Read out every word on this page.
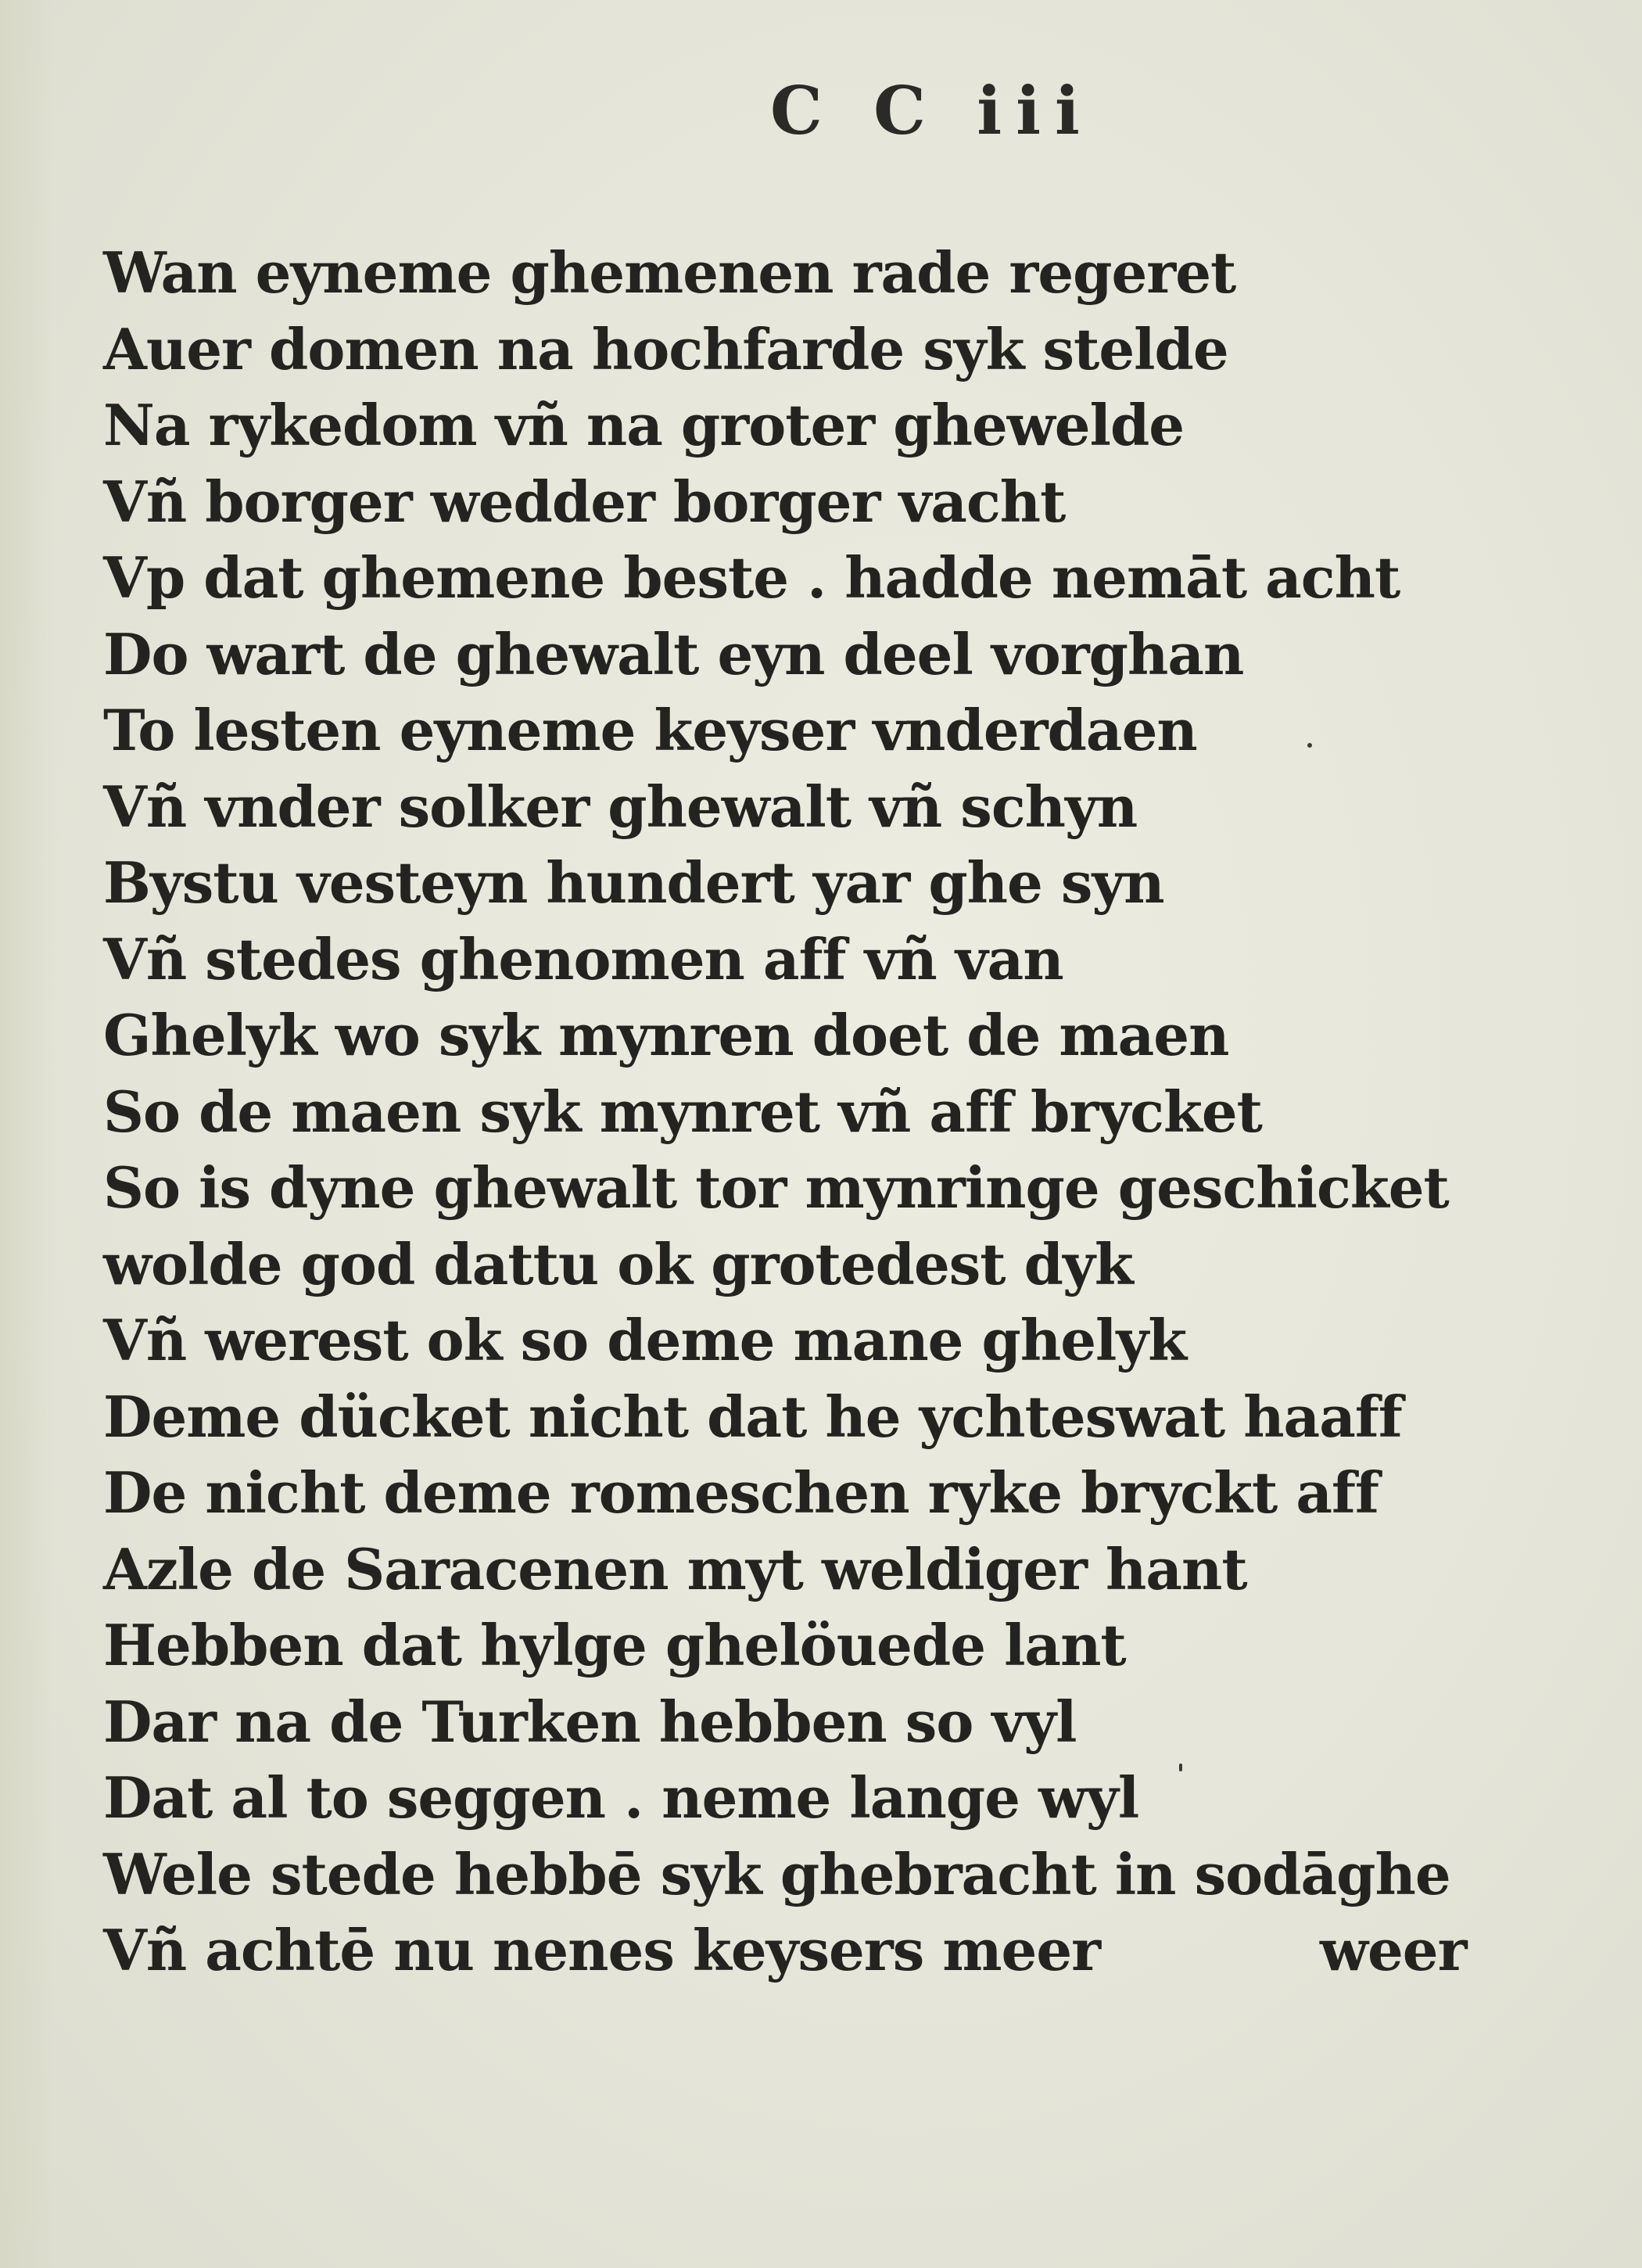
C C iii
Wan eyneme ghemenen rade regeret
Auer domen na hochfarde syk stelde
Na rykedom vñ na groter ghewelde
Vñ borger wedder borger vacht
Vp dat ghemene beste . hadde nemāt acht
Do wart de ghewalt eyn deel vorghan
To lesten eyneme keyser vnderdaen
Vñ vnder solker ghewalt vñ schyn
Bystu vesteyn hundert yar ghe syn
Vñ stedes ghenomen aff vñ van
Ghelyk wo syk mynren doet de maen
So de maen syk mynret vñ aff brycket
So is dyne ghewalt tor mynringe geschicket
wolde god dattu ok grotedest dyk
Vñ werest ok so deme mane ghelyk
Deme dücket nicht dat he ychteswat haaff
De nicht deme romeschen ryke bryckt aff
Azle de Saracenen myt weldiger hant
Hebben dat hylge ghelöuede lant
Dar na de Turken hebben so vyl
Dat al to seggen . neme lange wyl
Wele stede hebbē syk ghebracht in sodāghe
Vñ achtē nu nenes keysers meer	weer
